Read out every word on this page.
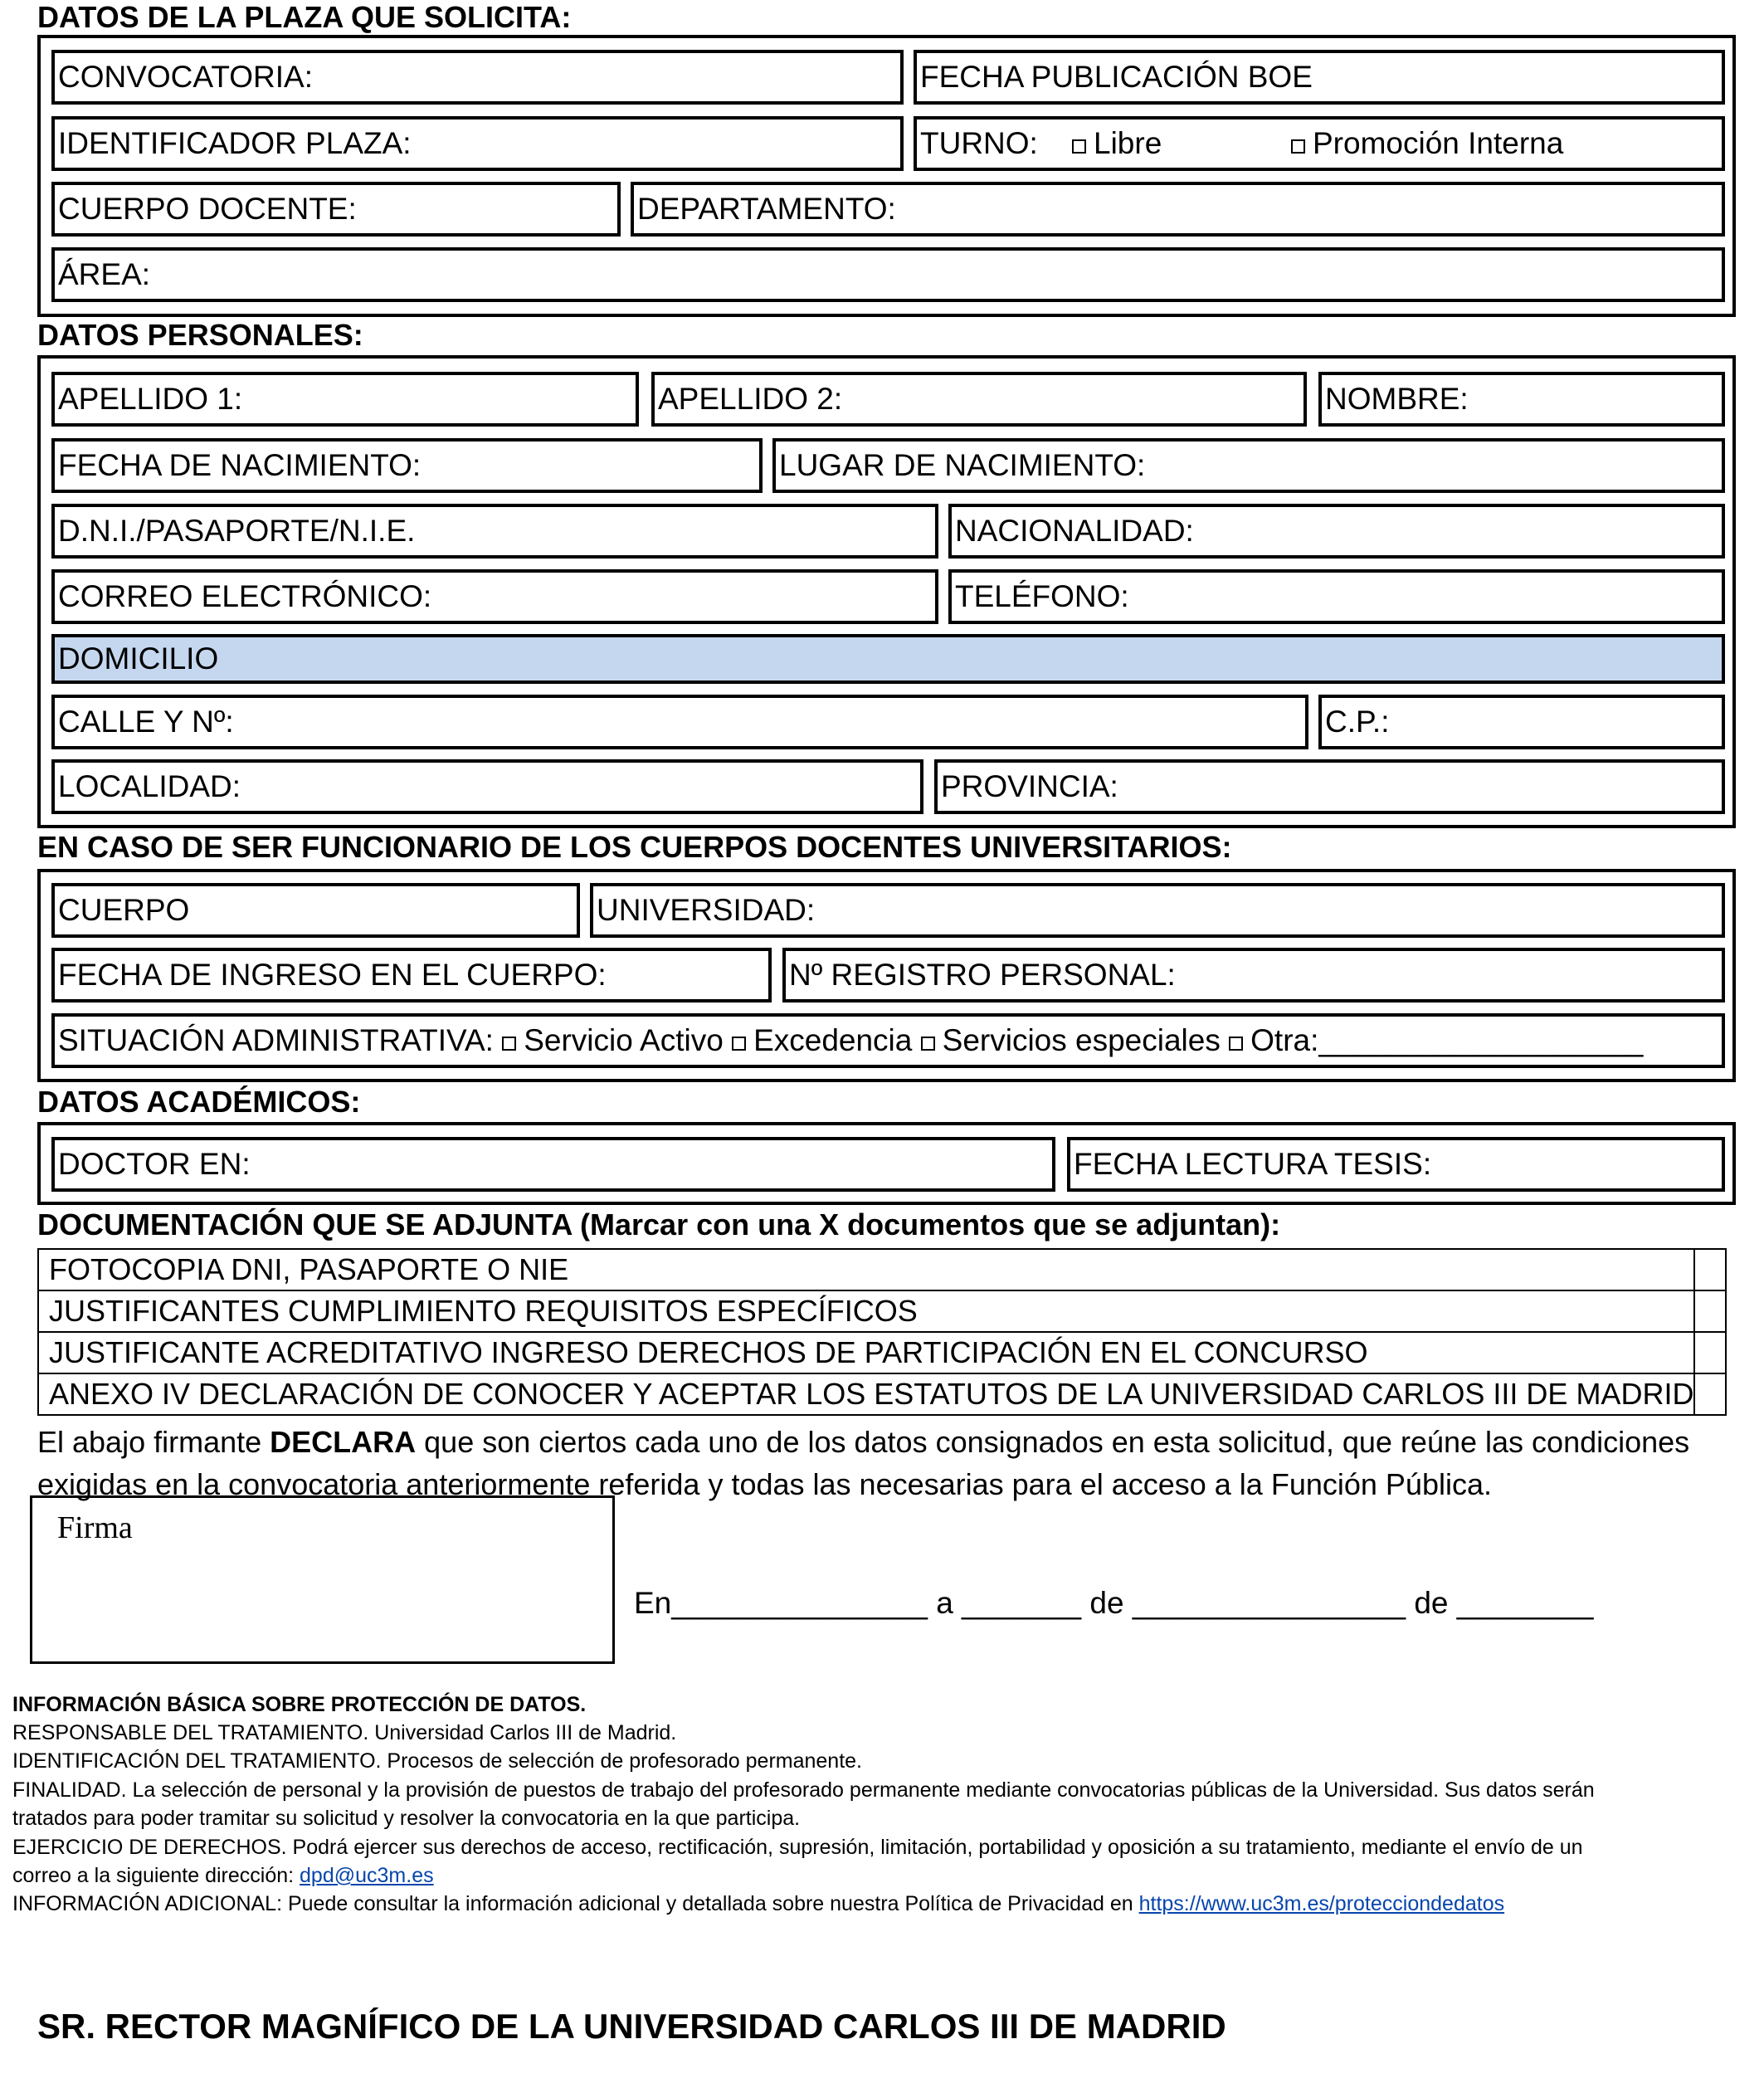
DATOS DE LA PLAZA QUE SOLICITA:
CONVOCATORIA:	FECHA PUBLICACIÓN BOE
IDENTIFICADOR PLAZA:	TURNO:	Libre	Promoción Interna
CUERPO DOCENTE:	DEPARTAMENTO:
ÁREA:
DATOS PERSONALES:
APELLIDO 1:	APELLIDO 2:	NOMBRE:
FECHA DE NACIMIENTO:	LUGAR DE NACIMIENTO:
D.N.I./PASAPORTE/N.I.E.	NACIONALIDAD:
CORREO ELECTRÓNICO:	TELÉFONO:
DOMICILIO
CALLE Y Nº:	C.P.:
LOCALIDAD:	PROVINCIA:
EN CASO DE SER FUNCIONARIO DE LOS CUERPOS DOCENTES UNIVERSITARIOS:
CUERPO	UNIVERSIDAD:
FECHA DE INGRESO EN EL CUERPO:	Nº REGISTRO PERSONAL:
SITUACIÓN ADMINISTRATIVA: Servicio Activo Excedencia Servicios especiales Otra:___________________
DATOS ACADÉMICOS:
DOCTOR EN:	FECHA LECTURA TESIS:
DOCUMENTACIÓN QUE SE ADJUNTA (Marcar con una X documentos que se adjuntan):
FOTOCOPIA DNI, PASAPORTE O NIE	
JUSTIFICANTES CUMPLIMIENTO REQUISITOS ESPECÍFICOS	
JUSTIFICANTE ACREDITATIVO INGRESO DERECHOS DE PARTICIPACIÓN EN EL CONCURSO	
ANEXO IV DECLARACIÓN DE CONOCER Y ACEPTAR LOS ESTATUTOS DE LA UNIVERSIDAD CARLOS III DE MADRID	
El abajo firmante DECLARA que son ciertos cada uno de los datos consignados en esta solicitud, que reúne las condiciones exigidas en la convocatoria anteriormente referida y todas las necesarias para el acceso a la Función Pública.
Firma
En_______________ a _______ de ________________ de ________
INFORMACIÓN BÁSICA SOBRE PROTECCIÓN DE DATOS.
RESPONSABLE DEL TRATAMIENTO. Universidad Carlos III de Madrid.
IDENTIFICACIÓN DEL TRATAMIENTO. Procesos de selección de profesorado permanente.
FINALIDAD. La selección de personal y la provisión de puestos de trabajo del profesorado permanente mediante convocatorias públicas de la Universidad. Sus datos serán
tratados para poder tramitar su solicitud y resolver la convocatoria en la que participa.
EJERCICIO DE DERECHOS. Podrá ejercer sus derechos de acceso, rectificación, supresión, limitación, portabilidad y oposición a su tratamiento, mediante el envío de un
correo a la siguiente dirección: dpd@uc3m.es
INFORMACIÓN ADICIONAL: Puede consultar la información adicional y detallada sobre nuestra Política de Privacidad en https://www.uc3m.es/protecciondedatos
SR. RECTOR MAGNÍFICO DE LA UNIVERSIDAD CARLOS III DE MADRID
